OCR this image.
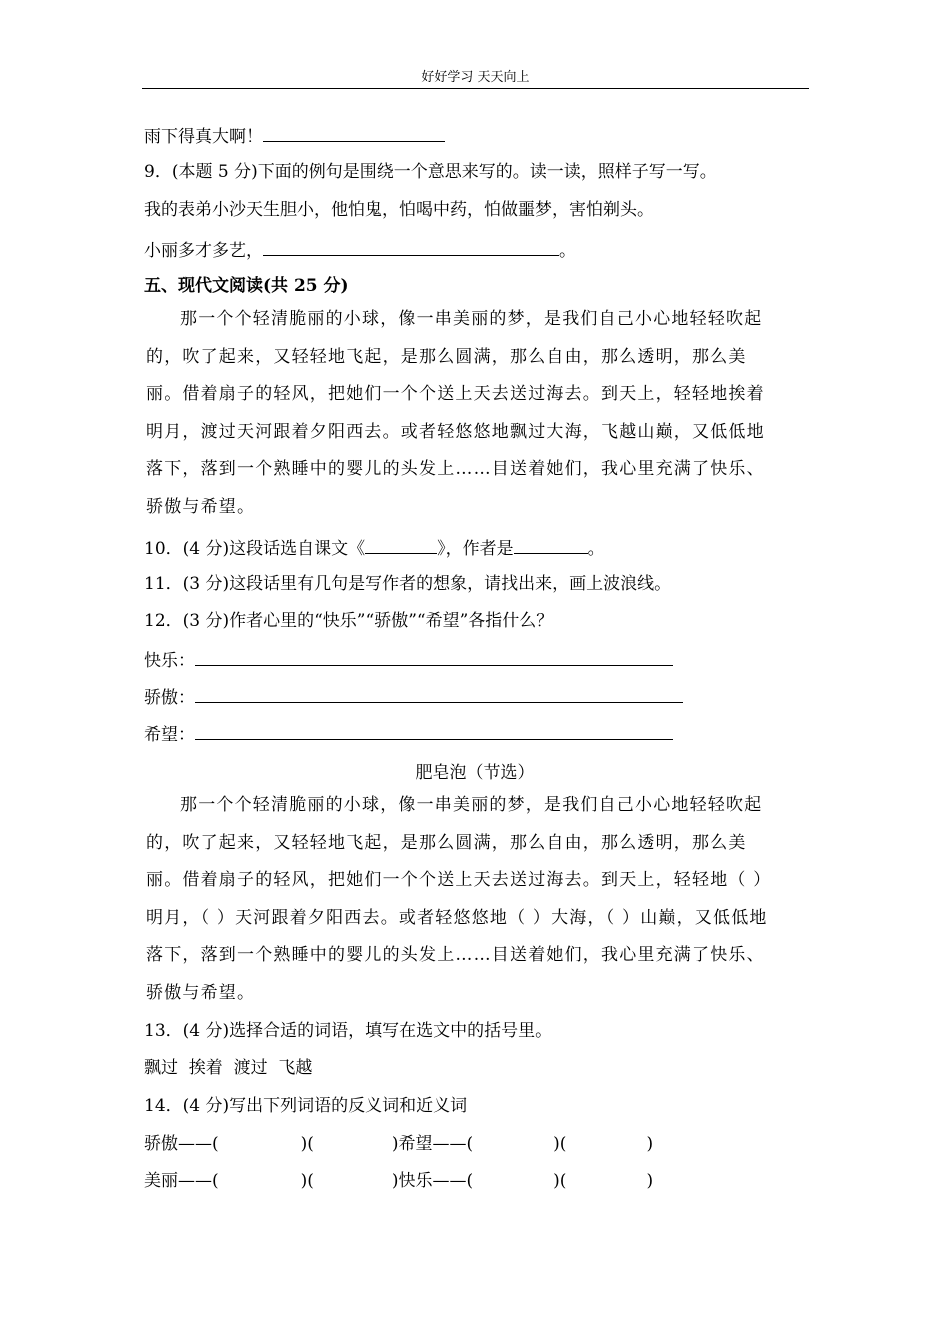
好好学习 天天向上
雨下得真大啊！
9．(本题 5 分)下面的例句是围绕一个意思来写的。读一读，照样子写一写。
我的表弟小沙天生胆小，他怕鬼，怕喝中药，怕做噩梦，害怕剃头。
小丽多才多艺，	。
五、现代文阅读(共 25 分)
那一个个轻清脆丽的小球，像一串美丽的梦，是我们自己小心地轻轻吹起
的，吹了起来，又轻轻地飞起，是那么圆满，那么自由，那么透明，那么美
丽。借着扇子的轻风，把她们一个个送上天去送过海去。到天上，轻轻地挨着
明月，渡过天河跟着夕阳西去。或者轻悠悠地飘过大海，飞越山巅，又低低地
落下，落到一个熟睡中的婴儿的头发上……目送着她们，我心里充满了快乐、
骄傲与希望。
10．(4 分)这段话选自课文《	》，作者是	。
11．(3 分)这段话里有几句是写作者的想象，请找出来，画上波浪线。
12．(3 分)作者心里的“快乐”“骄傲”“希望”各指什么？
快乐：
骄傲：
希望：
肥皂泡（节选）
那一个个轻清脆丽的小球，像一串美丽的梦，是我们自己小心地轻轻吹起
的，吹了起来，又轻轻地飞起，是那么圆满，那么自由，那么透明，那么美
丽。借着扇子的轻风，把她们一个个送上天去送过海去。到天上，轻轻地（ ）
明月，（ ）天河跟着夕阳西去。或者轻悠悠地（ ）大海，（ ）山巅，又低低地
落下，落到一个熟睡中的婴儿的头发上……目送着她们，我心里充满了快乐、
骄傲与希望。
13．(4 分)选择合适的词语，填写在选文中的括号里。
飘过  挨着  渡过  飞越
14．(4 分)写出下列词语的反义词和近义词
骄傲——(	)(	)希望——(	)(	)
美丽——(	)(	)快乐——(	)(	)
